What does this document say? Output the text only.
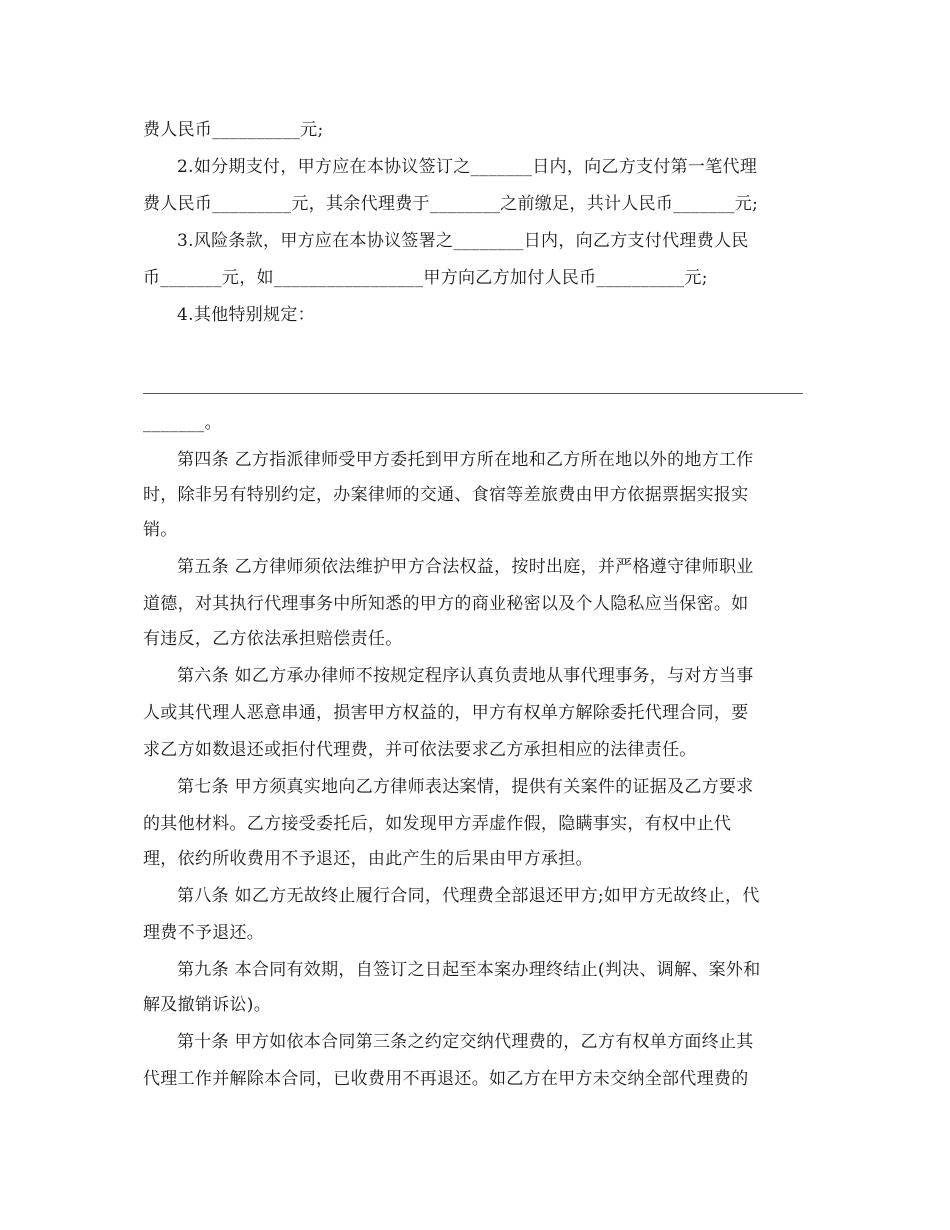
费人民币__________元;
2.如分期支付，甲方应在本协议签订之_______日内，向乙方支付第一笔代理
费人民币_________元，其余代理费于________之前缴足，共计人民币_______元;
3.风险条款，甲方应在本协议签署之________日内，向乙方支付代理费人民
币_______元，如_________________甲方向乙方加付人民币__________元;
4.其他特别规定：
_______。
第四条 乙方指派律师受甲方委托到甲方所在地和乙方所在地以外的地方工作
时，除非另有特别约定，办案律师的交通、食宿等差旅费由甲方依据票据实报实
销。
第五条 乙方律师须依法维护甲方合法权益，按时出庭，并严格遵守律师职业
道德，对其执行代理事务中所知悉的甲方的商业秘密以及个人隐私应当保密。如
有违反，乙方依法承担赔偿责任。
第六条 如乙方承办律师不按规定程序认真负责地从事代理事务，与对方当事
人或其代理人恶意串通，损害甲方权益的，甲方有权单方解除委托代理合同，要
求乙方如数退还或拒付代理费，并可依法要求乙方承担相应的法律责任。
第七条 甲方须真实地向乙方律师表达案情，提供有关案件的证据及乙方要求
的其他材料。乙方接受委托后，如发现甲方弄虚作假，隐瞒事实，有权中止代
理，依约所收费用不予退还，由此产生的后果由甲方承担。
第八条 如乙方无故终止履行合同，代理费全部退还甲方;如甲方无故终止，代
理费不予退还。
第九条 本合同有效期，自签订之日起至本案办理终结止(判决、调解、案外和
解及撤销诉讼)。
第十条 甲方如依本合同第三条之约定交纳代理费的，乙方有权单方面终止其
代理工作并解除本合同，已收费用不再退还。如乙方在甲方未交纳全部代理费的
